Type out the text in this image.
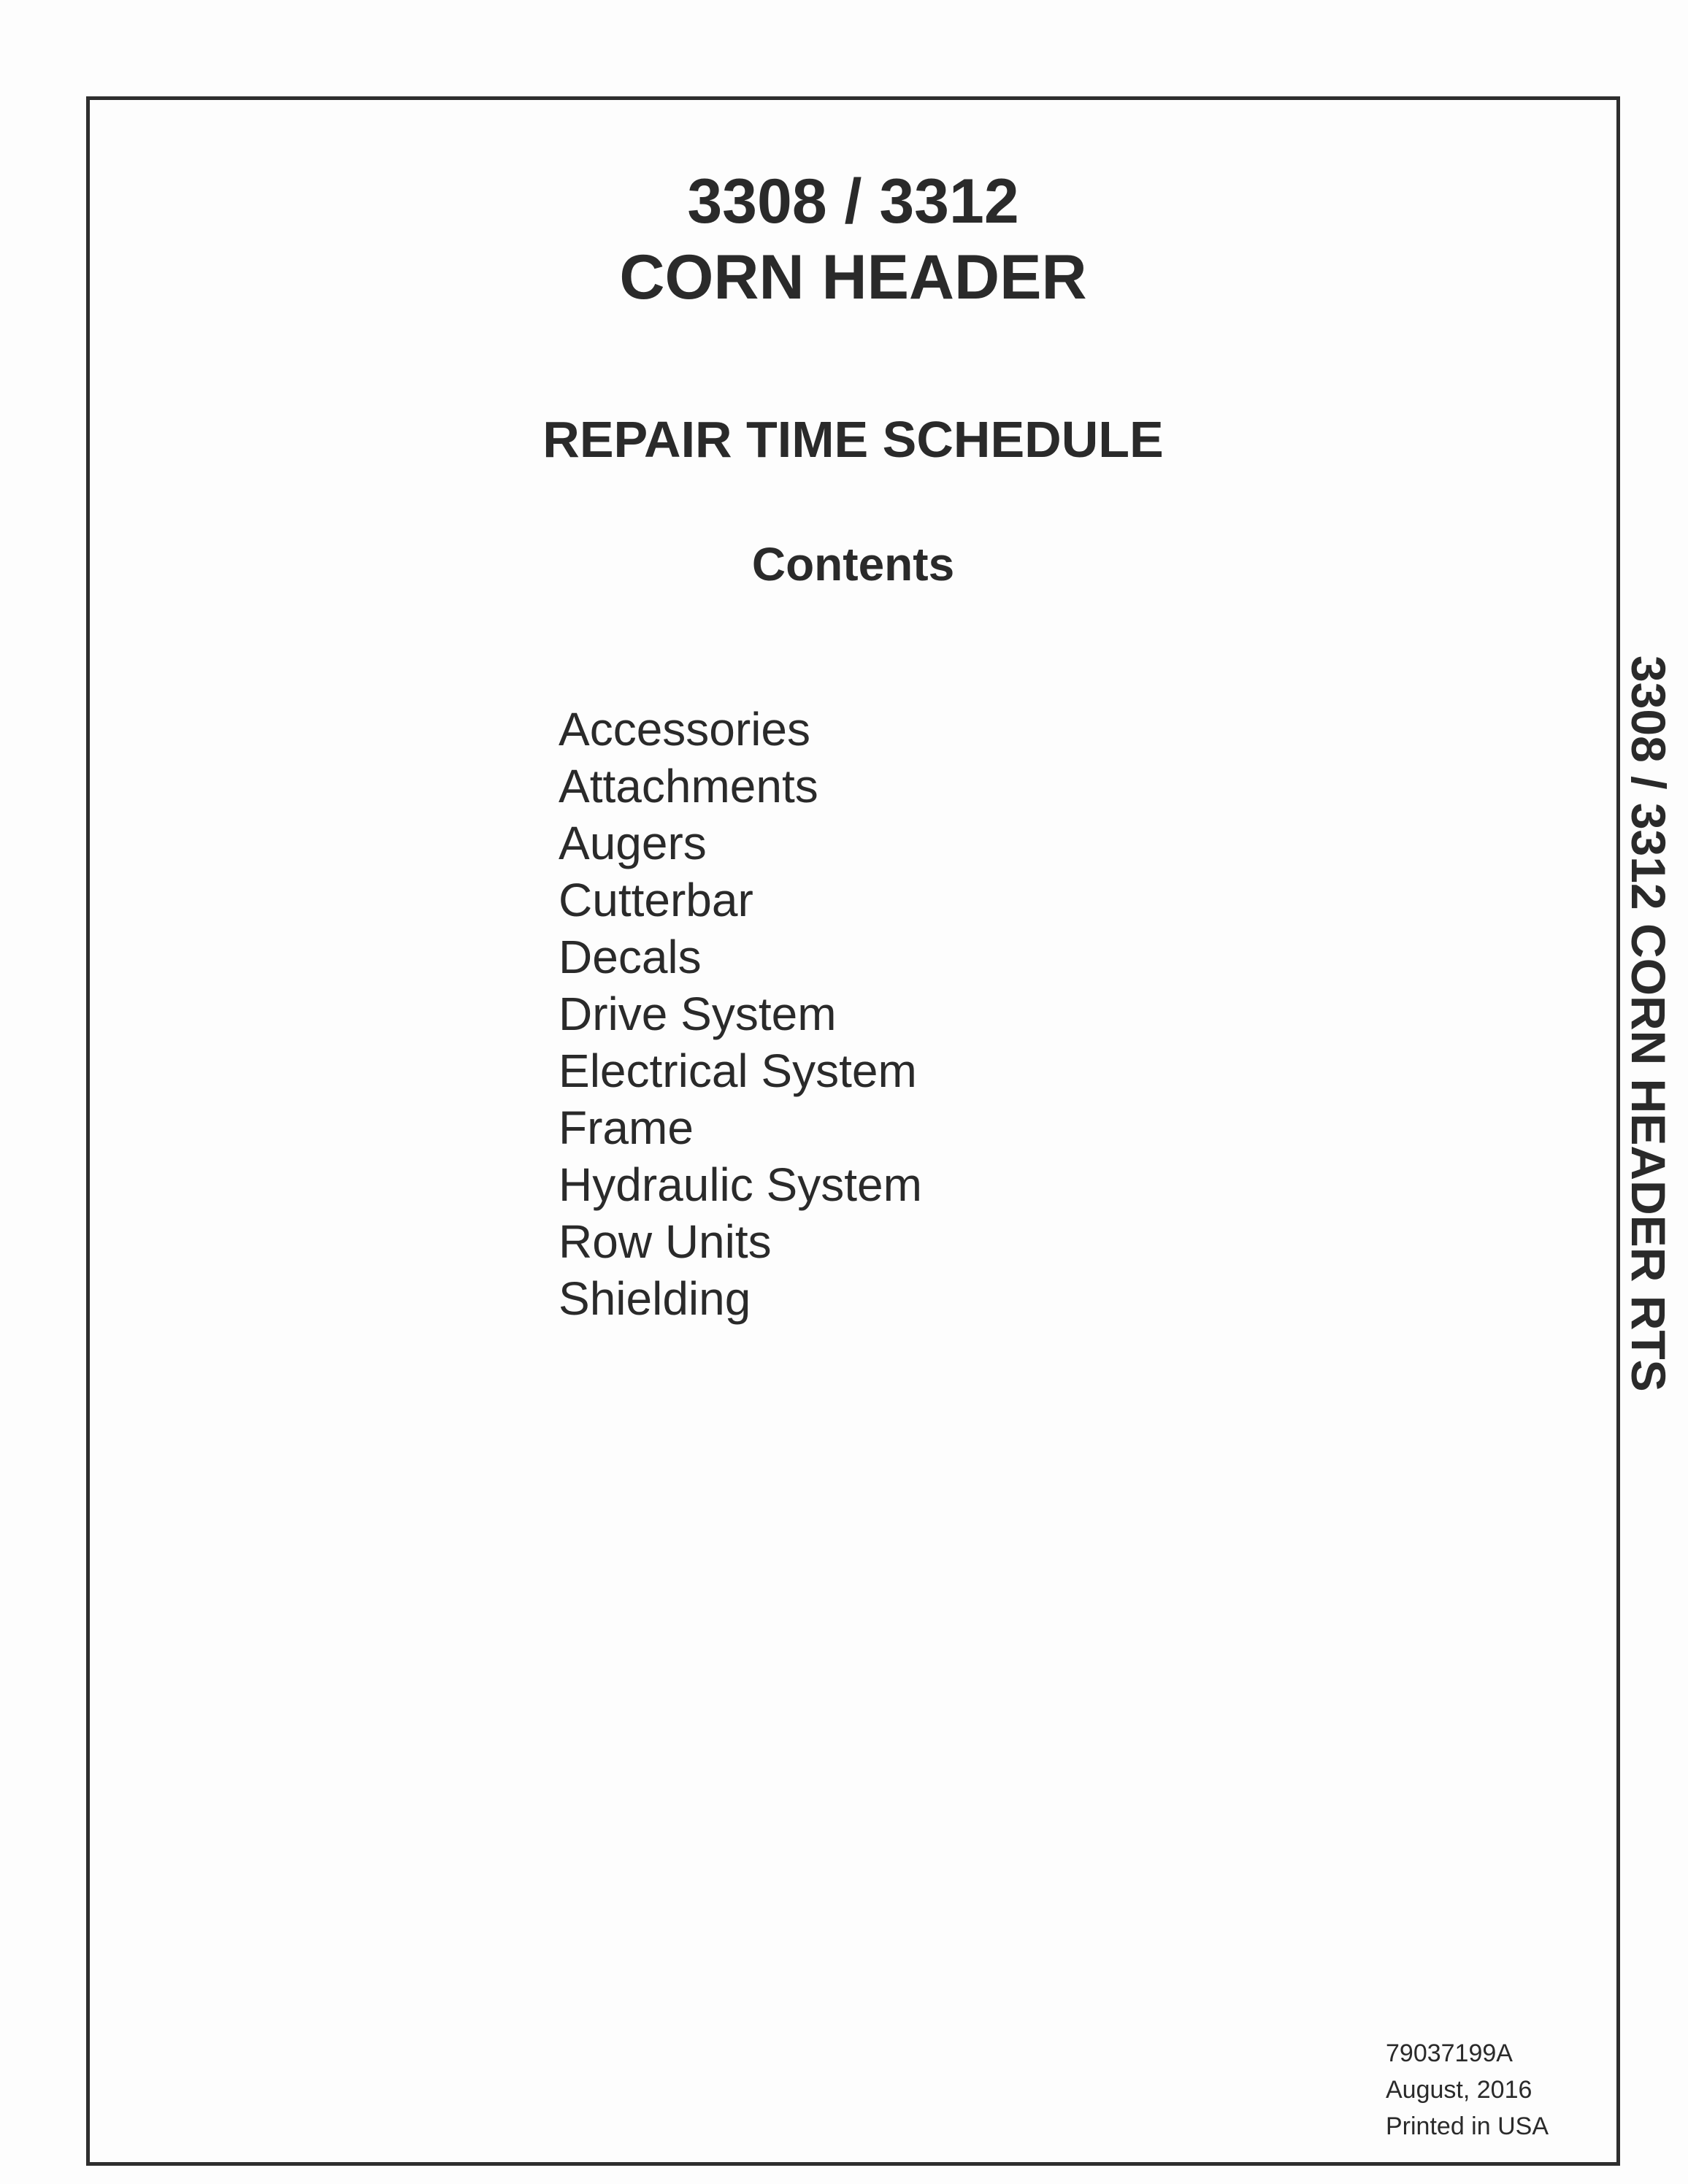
3308 / 3312
CORN HEADER
REPAIR TIME SCHEDULE
Contents
Accessories
Attachments
Augers
Cutterbar
Decals
Drive System
Electrical System
Frame
Hydraulic System
Row Units
Shielding	3308 / 3312 CORN HEADER RTS
79037199A
August, 2016
Printed in USA
